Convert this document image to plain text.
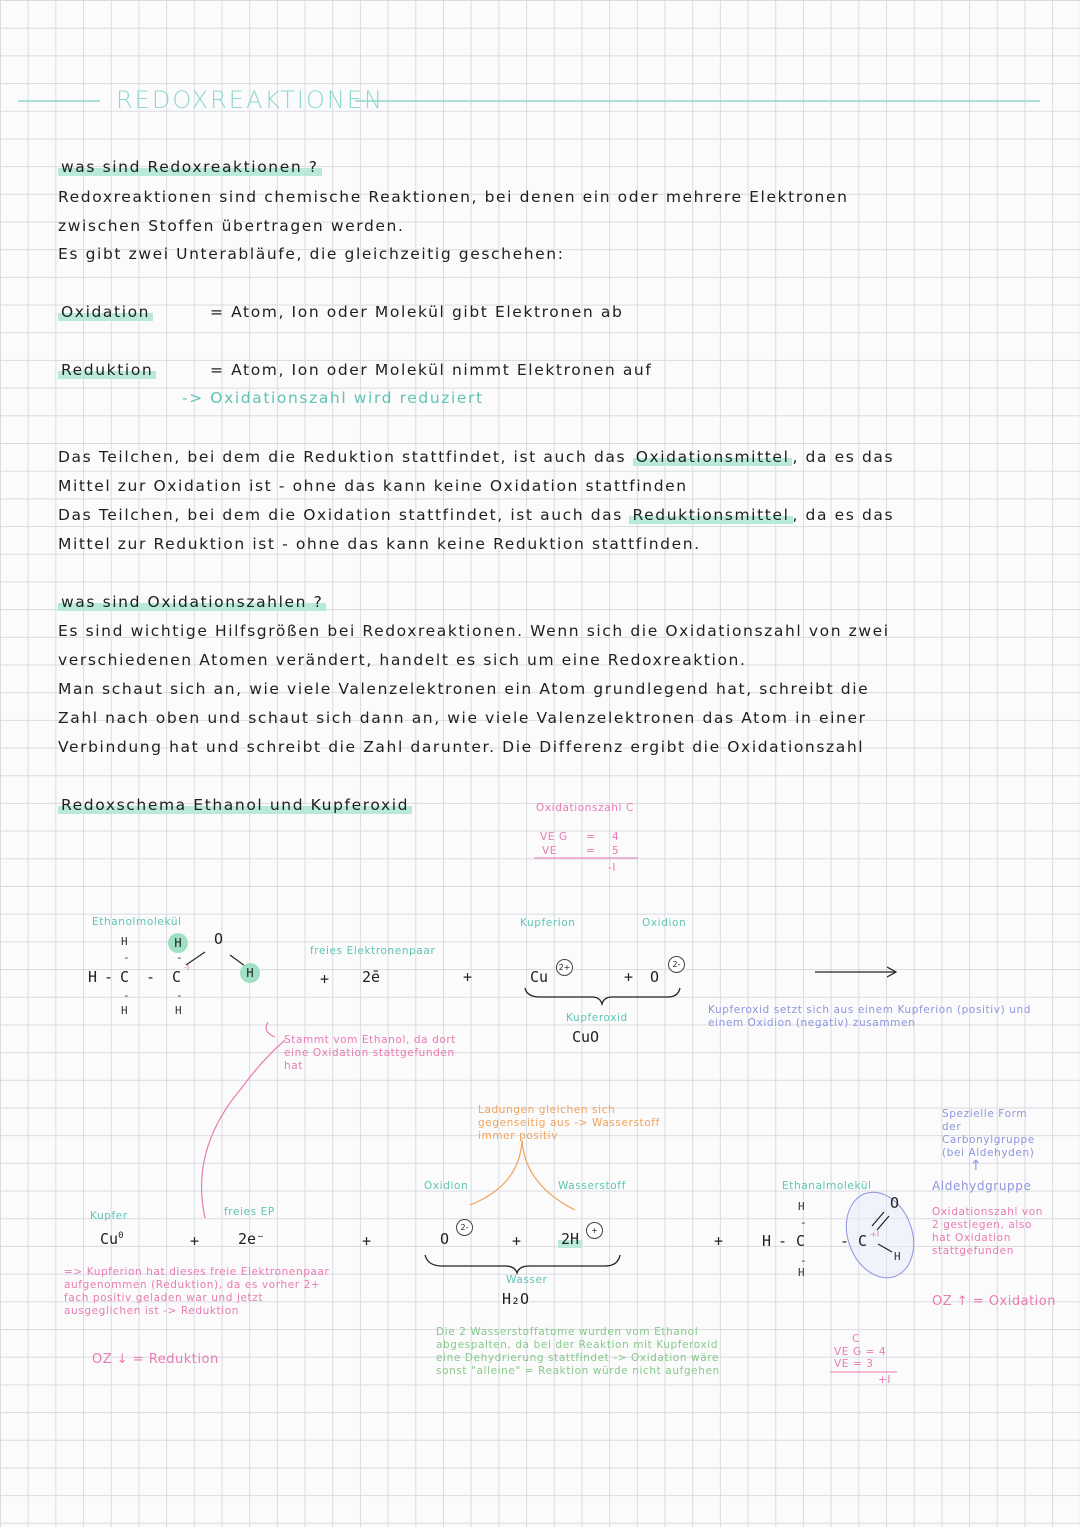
REDOXREAKTIONEN
was sind Redoxreaktionen ?
Redoxreaktionen sind chemische Reaktionen, bei denen ein oder mehrere Elektronen
zwischen Stoffen übertragen werden.
Es gibt zwei Unterabläufe, die gleichzeitig geschehen:
Oxidation	= Atom, Ion oder Molekül gibt Elektronen ab
Reduktion	= Atom, Ion oder Molekül nimmt Elektronen auf
-> Oxidationszahl wird reduziert
Das Teilchen, bei dem die Reduktion stattfindet, ist auch das Oxidationsmittel , da es das
Mittel zur Oxidation ist - ohne das kann keine Oxidation stattfinden
Das Teilchen, bei dem die Oxidation stattfindet, ist auch das Reduktionsmittel , da es das
Mittel zur Reduktion ist - ohne das kann keine Reduktion stattfinden.
was sind Oxidationszahlen ?
Es sind wichtige Hilfsgrößen bei Redoxreaktionen. Wenn sich die Oxidationszahl von zwei
verschiedenen Atomen verändert, handelt es sich um eine Redoxreaktion.
Man schaut sich an, wie viele Valenzelektronen ein Atom grundlegend hat, schreibt die
Zahl nach oben und schaut sich dann an, wie viele Valenzelektronen das Atom in einer
Verbindung hat und schreibt die Zahl darunter. Die Differenz ergibt die Oxidationszahl
Redoxschema Ethanol und Kupferoxid	Oxidationszahl C
VE G = 4
VE	= 5
-I
Ethanolmolekül
H	H	O
-	-
H - C - C
-I	H
-	-
H	H
freies Elektronenpaar
+ 2ē	+
Kupferion	Oxidion
Cu
2+
+ O
2-
Kupferoxid
CuO
Kupferoxid setzt sich aus einem Kupferion (positiv) und einem Oxidion (negativ) zusammen
Stammt vom Ethanol, da dort eine Oxidation stattgefunden hat
Ladungen gleichen sich gegenseitig aus -> Wasserstoff immer positiv
Spezielle Form der Carbonylgruppe (bei Aldehyden)
↑
Oxidion	Wasserstoff	Ethanalmolekül	Aldehydgruppe
Kupfer	freies EP
$Cu^0$	+	2e⁻	+	O
2-
+	2H	+
Wasser
H₂O
+
H
-
H - C - C +I
O
H
-
H
Oxidationszahl von 2 gestiegen, also hat Oxidation stattgefunden
OZ ↑ = Oxidation
=> Kupferion hat dieses freie Elektronenpaar aufgenommen (Reduktion), da es vorher 2+ fach positiv geladen war und jetzt ausgeglichen ist -> Reduktion
OZ ↓ = Reduktion
Die 2 Wasserstoffatome wurden vom Ethanol abgespalten, da bei der Reaktion mit Kupferoxid eine Dehydrierung stattfindet -> Oxidation wäre sonst "alleine" = Reaktion würde nicht aufgehen
C
VE G = 4
VE = 3
+I
